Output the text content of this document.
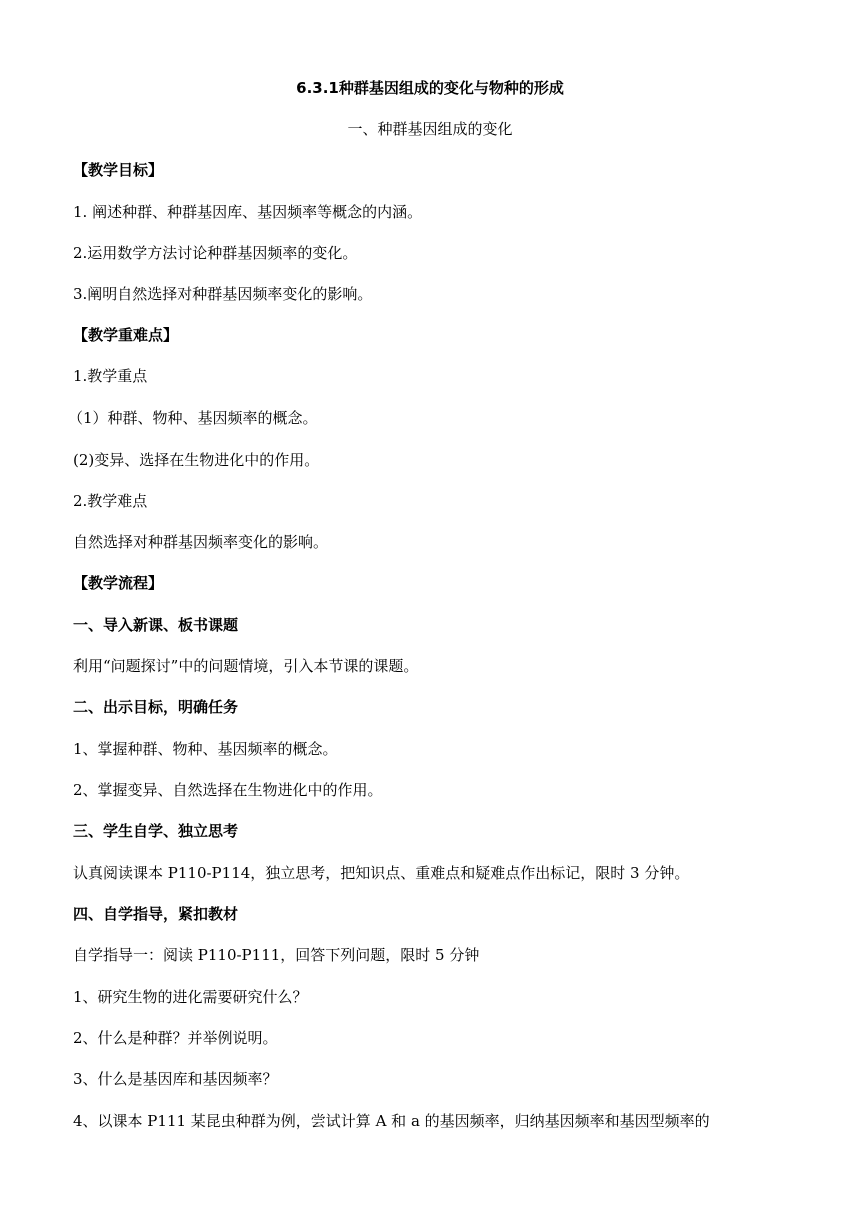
6.3.1种群基因组成的变化与物种的形成
一、种群基因组成的变化
【教学目标】
1. 阐述种群、种群基因库、基因频率等概念的内涵。
2.运用数学方法讨论种群基因频率的变化。
3.阐明自然选择对种群基因频率变化的影响。
【教学重难点】
1.教学重点
（1）种群、物种、基因频率的概念。
(2)变异、选择在生物进化中的作用。
2.教学难点
自然选择对种群基因频率变化的影响。
【教学流程】
一、导入新课、板书课题
利用“问题探讨”中的问题情境，引入本节课的课题。
二、出示目标，明确任务
1、掌握种群、物种、基因频率的概念。
2、掌握变异、自然选择在生物进化中的作用。
三、学生自学、独立思考
认真阅读课本 P110-P114，独立思考，把知识点、重难点和疑难点作出标记，限时 3 分钟。
四、自学指导，紧扣教材
自学指导一：阅读 P110-P111，回答下列问题，限时 5 分钟
1、研究生物的进化需要研究什么？
2、什么是种群？并举例说明。
3、什么是基因库和基因频率？
4、以课本 P111 某昆虫种群为例，尝试计算 A 和 a 的基因频率，归纳基因频率和基因型频率的
